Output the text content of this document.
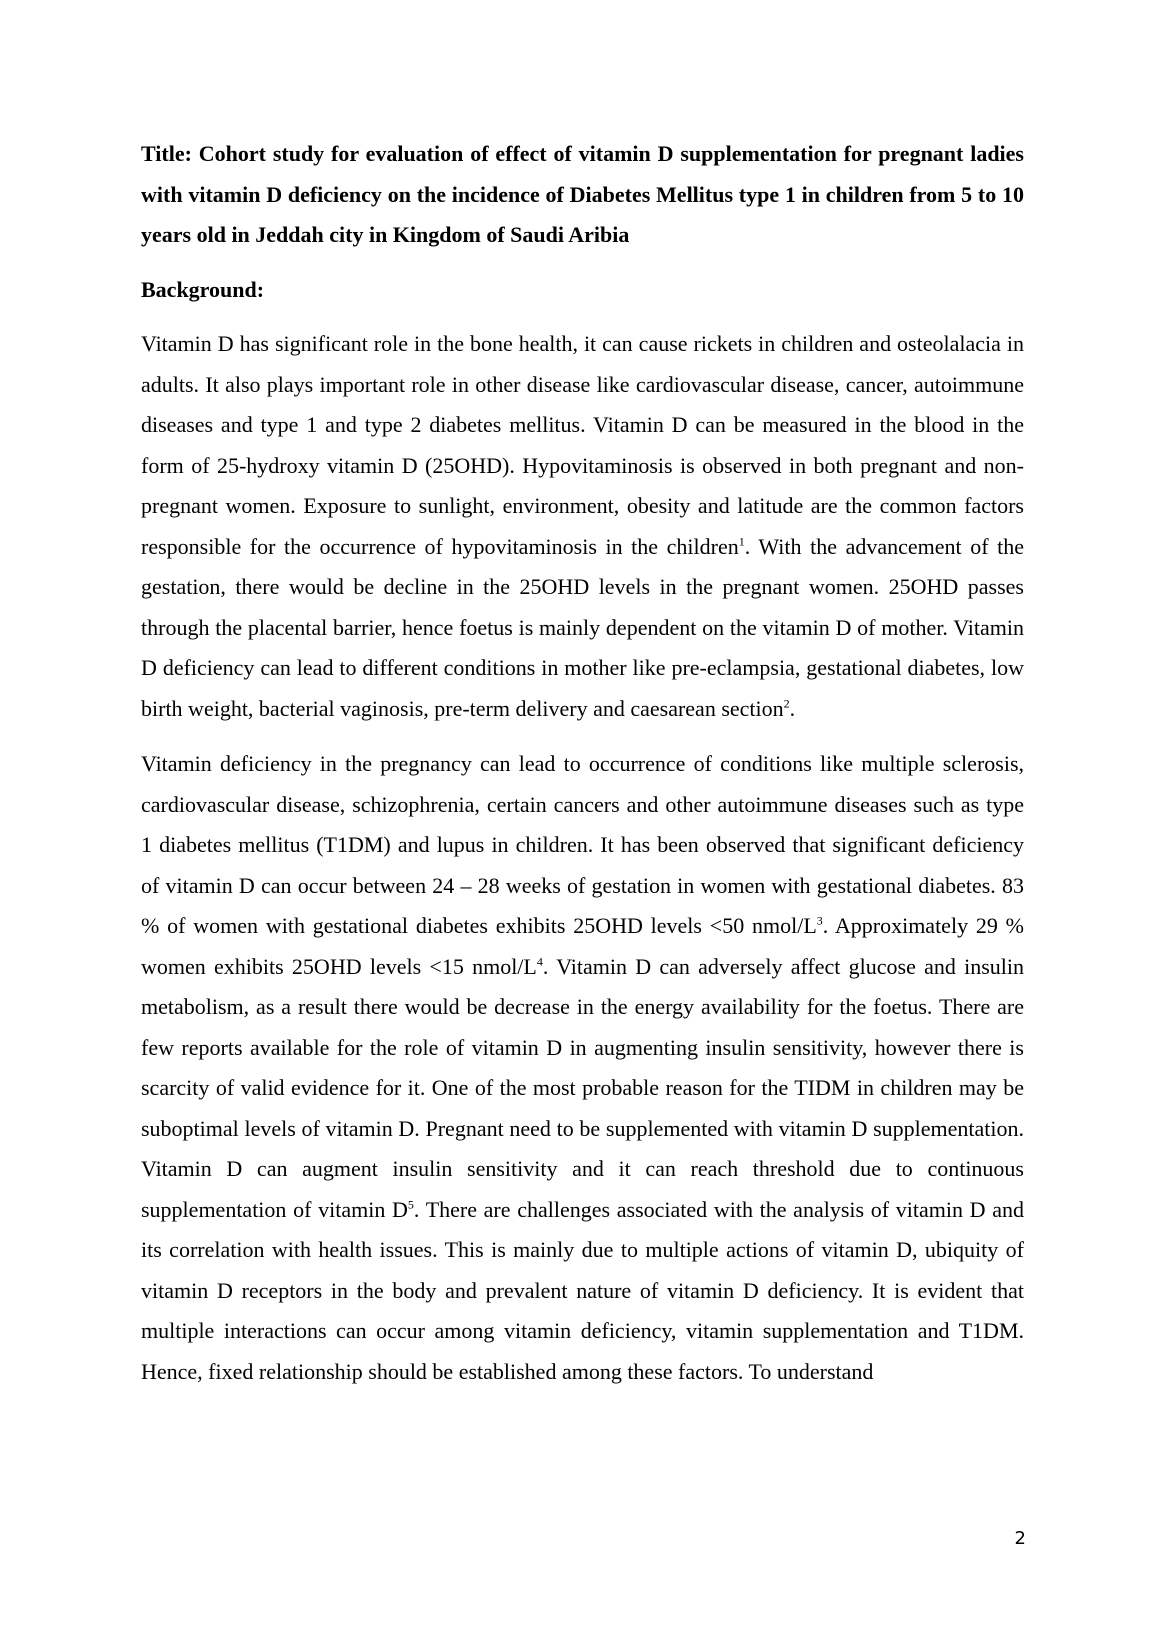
Title: Cohort study for evaluation of effect of vitamin D supplementation for pregnant ladies with vitamin D deficiency on the incidence of Diabetes Mellitus type 1 in children from 5 to 10 years old in Jeddah city in Kingdom of Saudi Aribia

Background:

Vitamin D has significant role in the bone health, it can cause rickets in children and osteolalacia in adults. It also plays important role in other disease like cardiovascular disease, cancer, autoimmune diseases and type 1 and type 2 diabetes mellitus. Vitamin D can be measured in the blood in the form of 25-hydroxy vitamin D (25OHD). Hypovitaminosis is observed in both pregnant and non-pregnant women. Exposure to sunlight, environment, obesity and latitude are the common factors responsible for the occurrence of hypovitaminosis in the children$^1$. With the advancement of the gestation, there would be decline in the 25OHD levels in the pregnant women. 25OHD passes through the placental barrier, hence foetus is mainly dependent on the vitamin D of mother. Vitamin D deficiency can lead to different conditions in mother like pre-eclampsia, gestational diabetes, low birth weight, bacterial vaginosis, pre-term delivery and caesarean section$^2$.

Vitamin deficiency in the pregnancy can lead to occurrence of conditions like multiple sclerosis, cardiovascular disease, schizophrenia, certain cancers and other autoimmune diseases such as type 1 diabetes mellitus (T1DM) and lupus in children. It has been observed that significant deficiency of vitamin D can occur between 24 – 28 weeks of gestation in women with gestational diabetes. 83 % of women with gestational diabetes exhibits 25OHD levels <50 nmol/$L^3$. Approximately 29 % women exhibits 25OHD levels <15 nmol/$L^4$. Vitamin D can adversely affect glucose and insulin metabolism, as a result there would be decrease in the energy availability for the foetus. There are few reports available for the role of vitamin D in augmenting insulin sensitivity, however there is scarcity of valid evidence for it. One of the most probable reason for the TIDM in children may be suboptimal levels of vitamin D. Pregnant need to be supplemented with vitamin D supplementation. Vitamin D can augment insulin sensitivity and it can reach threshold due to continuous supplementation of vitamin $D^5$. There are challenges associated with the analysis of vitamin D and its correlation with health issues. This is mainly due to multiple actions of vitamin D, ubiquity of vitamin D receptors in the body and prevalent nature of vitamin D deficiency. It is evident that multiple interactions can occur among vitamin deficiency, vitamin supplementation and T1DM. Hence, fixed relationship should be established among these factors. To understand

2
